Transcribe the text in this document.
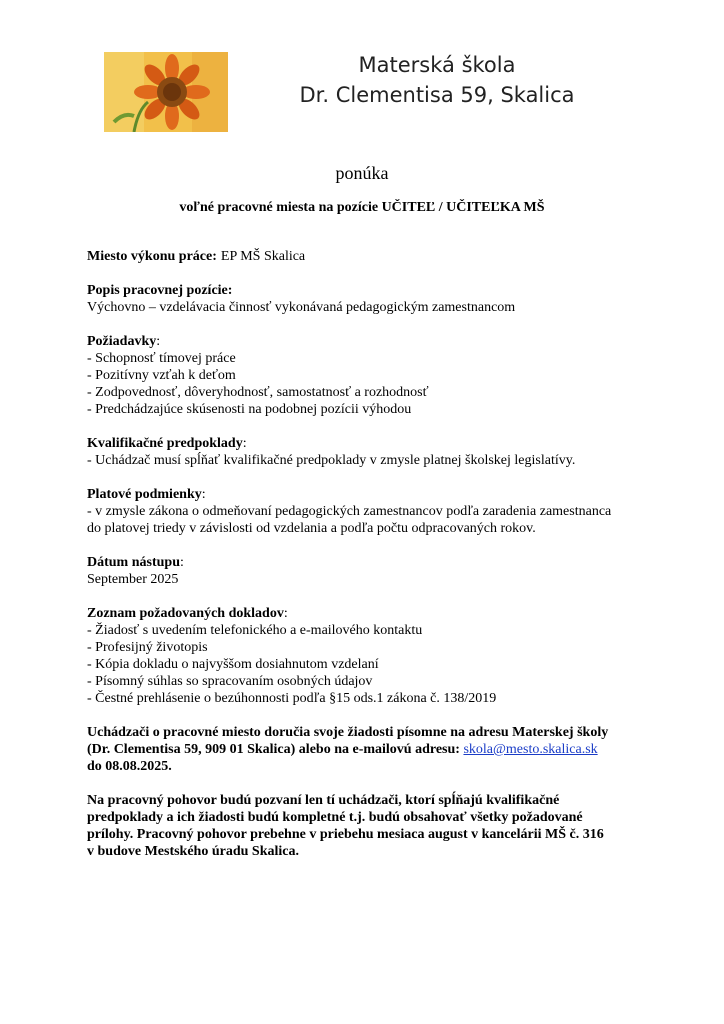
Materská škola
Dr. Clementisa 59, Skalica
ponúka
voľné pracovné miesta na pozície UČITEĽ / UČITEĽKA MŠ

Miesto výkonu práce: EP MŠ Skalica

Popis pracovnej pozície:

Výchovno – vzdelávacia činnosť vykonávaná pedagogickým zamestnancom

Požiadavky:

- Schopnosť tímovej práce

- Pozitívny vzťah k deťom

- Zodpovednosť, dôveryhodnosť, samostatnosť a rozhodnosť

- Predchádzajúce skúsenosti na podobnej pozícii výhodou

Kvalifikačné predpoklady:

- Uchádzač musí spĺňať kvalifikačné predpoklady v zmysle platnej školskej legislatívy.

Platové podmienky:

- v zmysle zákona o odmeňovaní pedagogických zamestnancov podľa zaradenia zamestnanca

do platovej triedy v závislosti od vzdelania a podľa počtu odpracovaných rokov.

Dátum nástupu:

September 2025

Zoznam požadovaných dokladov:

- Žiadosť s uvedením telefonického a e-mailového kontaktu

- Profesijný životopis

- Kópia dokladu o najvyššom dosiahnutom vzdelaní

- Písomný súhlas so spracovaním osobných údajov

- Čestné prehlásenie o bezúhonnosti podľa §15 ods.1 zákona č. 138/2019

Uchádzači o pracovné miesto doručia svoje žiadosti písomne na adresu Materskej školy

(Dr. Clementisa 59, 909 01 Skalica) alebo na e-mailovú adresu: skola@mesto.skalica.sk

do 08.08.2025.

Na pracovný pohovor budú pozvaní len tí uchádzači, ktorí spĺňajú kvalifikačné

predpoklady a ich žiadosti budú kompletné t.j. budú obsahovať všetky požadované

prílohy. Pracovný pohovor prebehne v priebehu mesiaca august v kancelárii MŠ č. 316

v budove Mestského úradu Skalica.
